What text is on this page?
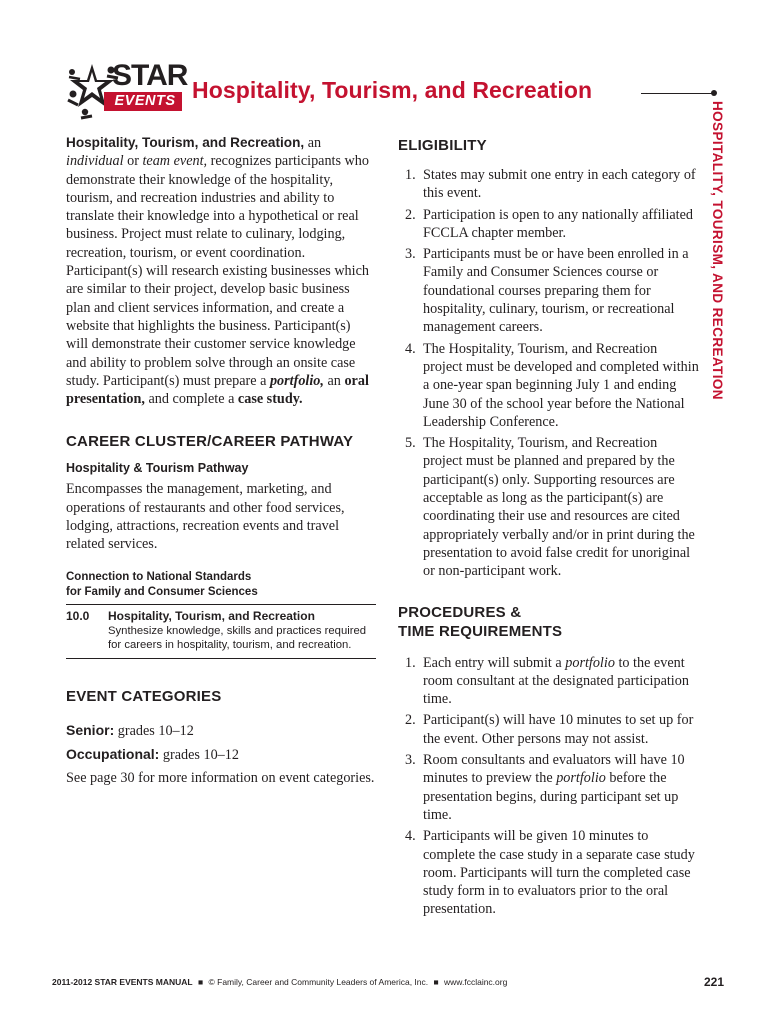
STAR
EVENTS Hospitality, Tourism, and Recreation
HOSPITALITY, TOURISM, AND RECREATION

Hospitality, Tourism, and Recreation, an individual or team event, recognizes participants who demonstrate their knowledge of the hospitality, tourism, and recreation industries and ability to translate their knowledge into a hypothetical or real business. Project must relate to culinary, lodging, recreation, tourism, or event coordination. Participant(s) will research existing businesses which are similar to their project, develop basic business plan and client services information, and create a website that highlights the business. Participant(s) will demonstrate their customer service knowledge and ability to problem solve through an onsite case study. Participant(s) must prepare a portfolio, an oral presentation, and complete a case study.

CAREER CLUSTER/CAREER PATHWAY

Hospitality & Tourism Pathway

Encompasses the management, marketing, and operations of restaurants and other food services, lodging, attractions, recreation events and travel related services.

Connection to National Standards
for Family and Consumer Sciences

10.0	Hospitality, Tourism, and Recreation
Synthesize knowledge, skills and practices required for careers in hospitality, tourism, and recreation.
EVENT CATEGORIES

Senior: grades 10–12

Occupational: grades 10–12

See page 30 for more information on event categories.

ELIGIBILITY
1. States may submit one entry in each category of this event.
2. Participation is open to any nationally affiliated FCCLA chapter member.
3. Participants must be or have been enrolled in a Family and Consumer Sciences course or foundational courses preparing them for hospitality, culinary, tourism, or recreational management careers.
4. The Hospitality, Tourism, and Recreation project must be developed and completed within a one-year span beginning July 1 and ending June 30 of the school year before the National Leadership Conference.
5. The Hospitality, Tourism, and Recreation project must be planned and prepared by the participant(s) only. Supporting resources are acceptable as long as the participant(s) are coordinating their use and resources are cited appropriately verbally and/or in print during the presentation to avoid false credit for unoriginal or non-participant work.
PROCEDURES &
TIME REQUIREMENTS
1. Each entry will submit a portfolio to the event room consultant at the designated participation time.
2. Participant(s) will have 10 minutes to set up for the event. Other persons may not assist.
3. Room consultants and evaluators will have 10 minutes to preview the portfolio before the presentation begins, during participant set up time.
4. Participants will be given 10 minutes to complete the case study in a separate case study room. Participants will turn the completed case study form in to evaluators prior to the oral presentation.
2011-2012 STAR EVENTS MANUAL ■ © Family, Career and Community Leaders of America, Inc. ■ www.fcclainc.org	221
